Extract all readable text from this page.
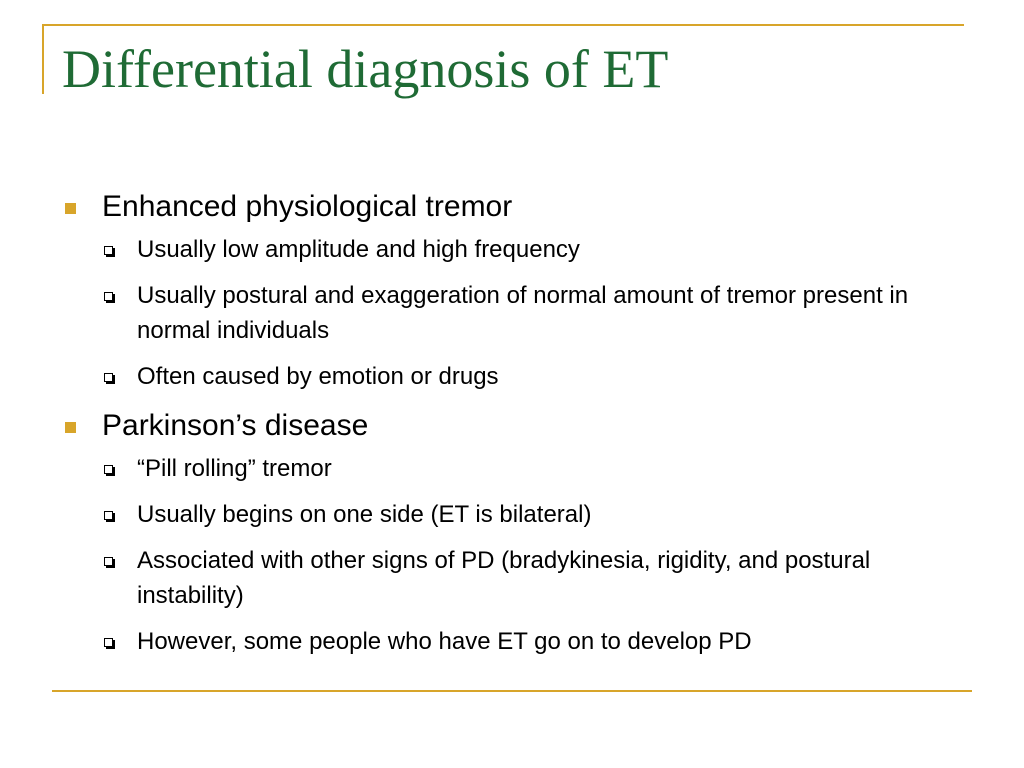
Differential diagnosis of ET
Enhanced physiological tremor
Usually low amplitude and high frequency
Usually postural and exaggeration of normal amount of tremor present in normal individuals
Often caused by emotion or drugs
Parkinson’s disease
“Pill rolling” tremor
Usually begins on one side (ET is bilateral)
Associated with other signs of PD (bradykinesia, rigidity, and postural instability)
However, some people who have ET go on to develop PD
